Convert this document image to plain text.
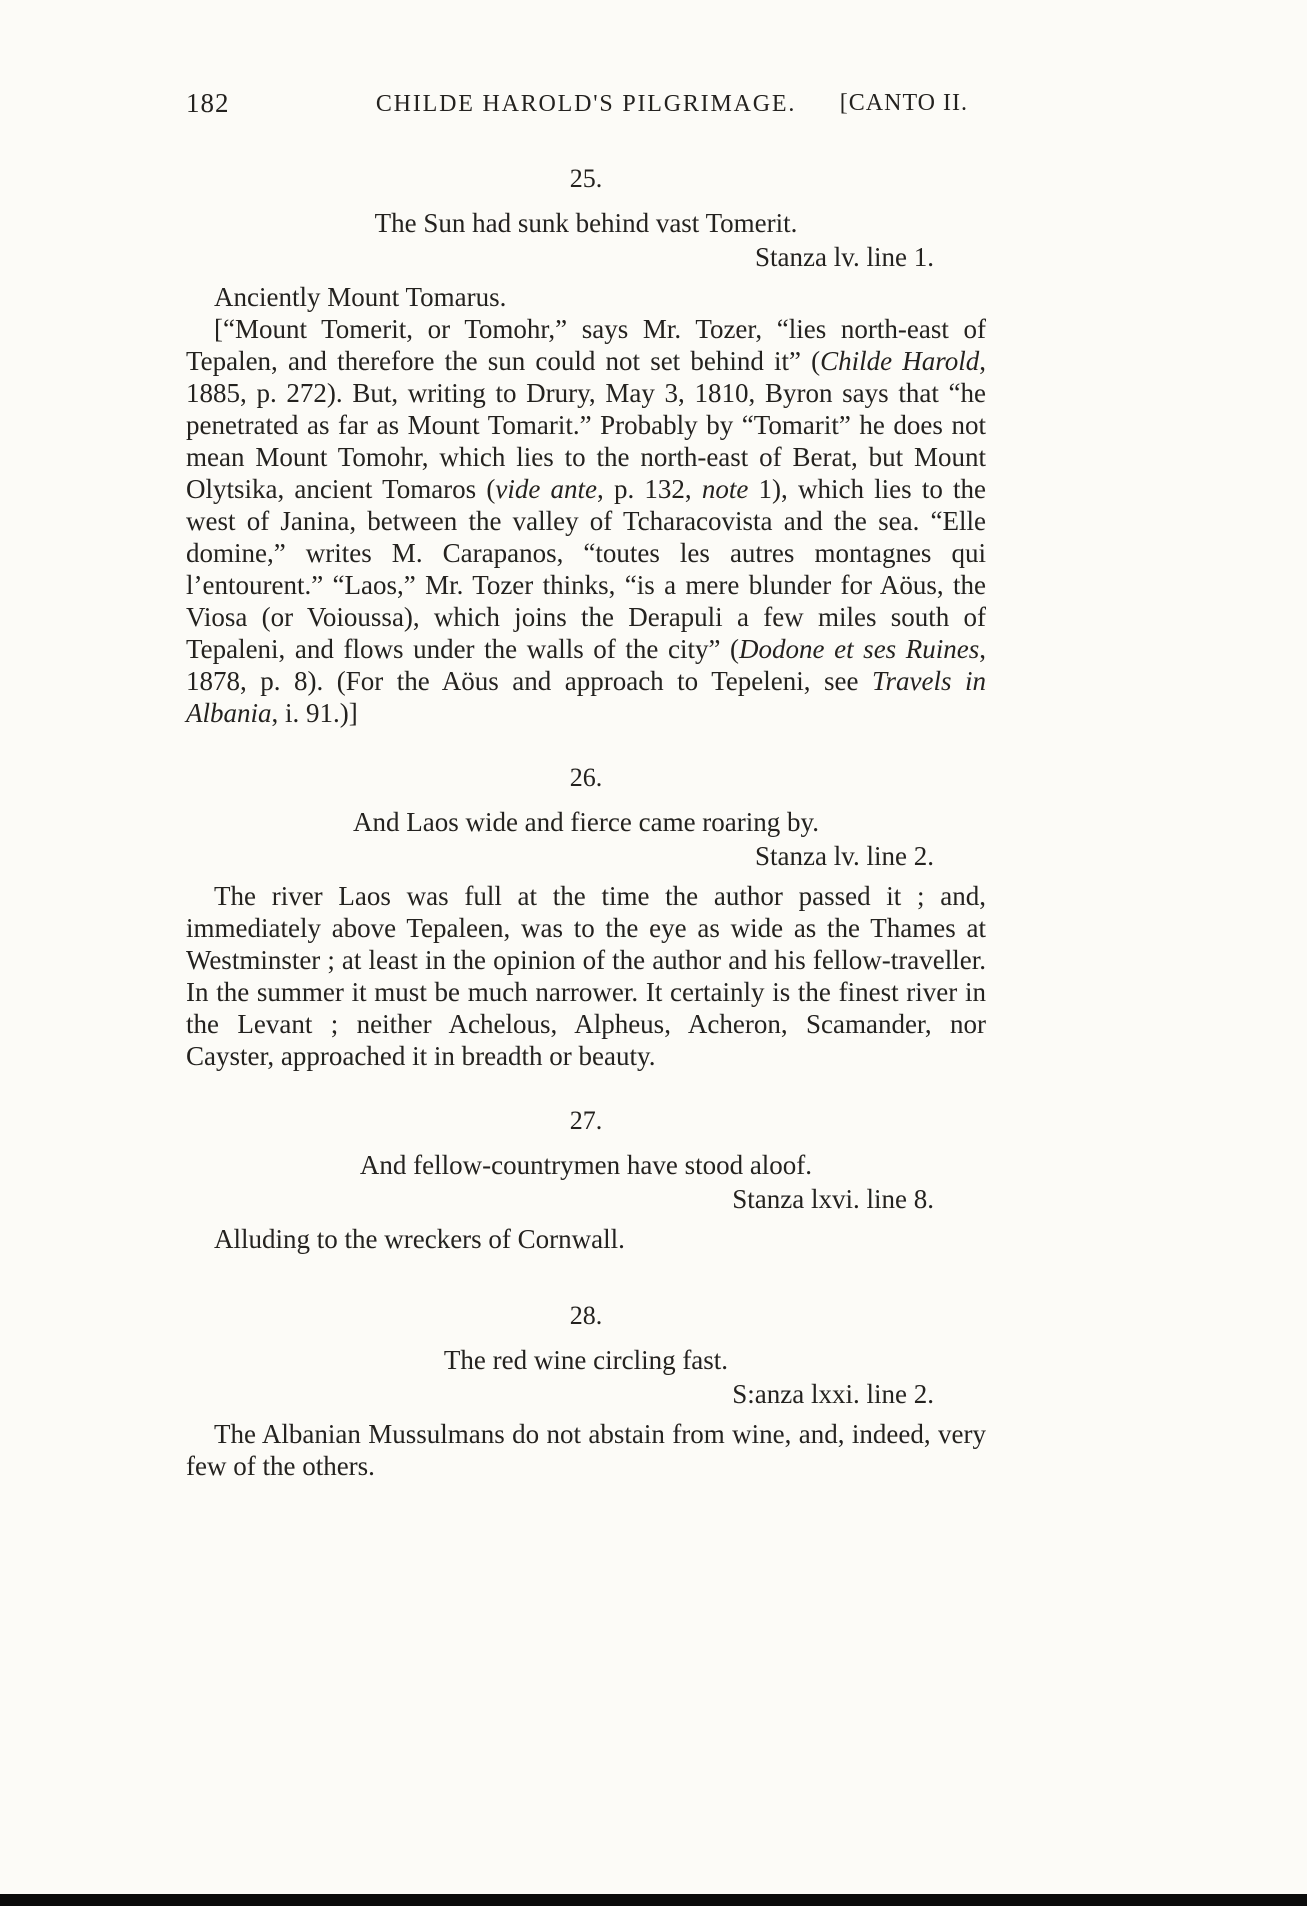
182	CHILDE HAROLD'S PILGRIMAGE.	[CANTO II.
25.
The Sun had sunk behind vast Tomerit.
Stanza lv. line 1.

Anciently Mount Tomarus.

[“Mount Tomerit, or Tomohr,” says Mr. Tozer, “lies north-east of Tepalen, and therefore the sun could not set behind it” (Childe Harold, 1885, p. 272). But, writing to Drury, May 3, 1810, Byron says that “he penetrated as far as Mount Tomarit.” Probably by “Tomarit” he does not mean Mount Tomohr, which lies to the north-east of Berat, but Mount Olytsika, ancient Tomaros (vide ante, p. 132, note 1), which lies to the west of Janina, between the valley of Tcharacovista and the sea. “Elle domine,” writes M. Carapanos, “toutes les autres montagnes qui l’entourent.” “Laos,” Mr. Tozer thinks, “is a mere blunder for Aöus, the Viosa (or Voioussa), which joins the Derapuli a few miles south of Tepaleni, and flows under the walls of the city” (Dodone et ses Ruines, 1878, p. 8). (For the Aöus and approach to Tepeleni, see Travels in Albania, i. 91.)]

26.
And Laos wide and fierce came roaring by.
Stanza lv. line 2.

The river Laos was full at the time the author passed it ; and, immediately above Tepaleen, was to the eye as wide as the Thames at Westminster ; at least in the opinion of the author and his fellow-traveller. In the summer it must be much narrower. It certainly is the finest river in the Levant ; neither Achelous, Alpheus, Acheron, Scamander, nor Cayster, approached it in breadth or beauty.

27.
And fellow-countrymen have stood aloof.
Stanza lxvi. line 8.

Alluding to the wreckers of Cornwall.

28.
The red wine circling fast.
S:anza lxxi. line 2.

The Albanian Mussulmans do not abstain from wine, and, indeed, very few of the others.
